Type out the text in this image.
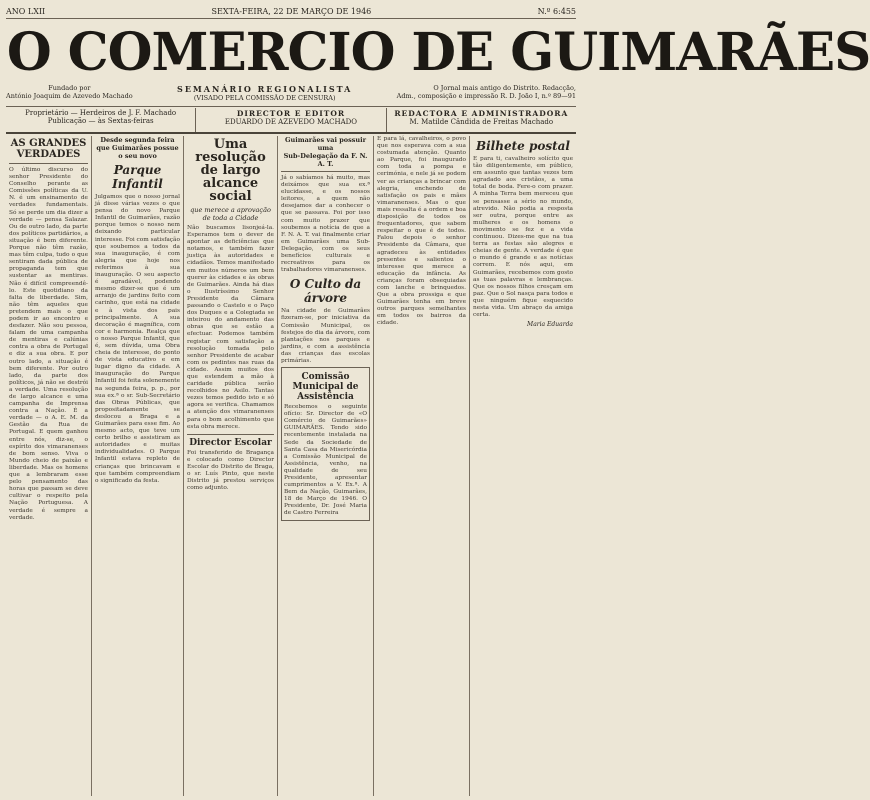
ANO LXII	SEXTA-FEIRA, 22 DE MARÇO DE 1946	N.º 6:455
O COMERCIO DE GUIMARÃES
Fundado por
António Joaquim de Azevedo Machado
SEMANÁRIO REGIONALISTA
(VISADO PELA COMISSÃO DE CENSURA)
O Jornal mais antigo do Distrito. Redacção,
Adm., composição e impressão R. D. João I, n.º 89—91
Proprietário — Herdeiros de J. F. Machado
Publicação — às Sextas-feiras
DIRECTOR E EDITOR
EDUARDO DE AZEVEDO MACHADO
REDACTORA E ADMINISTRADORA
M. Matilde Cândida de Freitas Machado
AS GRANDES VERDADES
O último discurso do senhor Presidente do Conselho perante as Comissões políticas da U. N. é um ensinamento de verdades fundamentais. Só se perde um dia dizer a verdade — pensa Salazar. Ou de outro lado, da parte dos políticos partidários, a situação é bem diferente. Porque não têm razão, mas têm culpa, tudo o que sentiram dada pública de propaganda tem que sustentar as mentiras. Não é difícil compreendê-lo. Este quotidiano da falta de liberdade. Sim, não têm aqueles que pretendem mais o que podem ir ao encontro e desfazer. Não sou pessoa, falam de uma campanha de mentiras e calúnias contra a obra de Portugal e diz a sua obra. E por outro lado, a situação é bem diferente. Por outro lado, da parte dos políticos, já não se destrói a verdade. Uma resolução de largo alcance e uma campanha de Imprensa contra a Nação. É a verdade — o A. E. M. da Gestão da Rua de Portugal. E quem ganhou entre nós, diz-se, o espírito dos vimaranenses de bom senso. Viva o Mundo cheio de paixão e liberdade. Mas os homens que a lembraram esse pelo pensamento das horas que passam se deve cultivar o respeito pela Nação Portuguesa. A verdade é sempre a verdade.
Desde segunda feira
que Guimarães possue
o seu novo
Parque Infantil
Julgamos que o nosso jornal já disse várias vezes o que pensa do novo Parque Infantil de Guimarães, razão porque temos o nosso nem deixando particular interesse. Foi com satisfação que soubemos a todos da sua inauguração, é com alegria que hoje nos referimos à sua inauguração. O seu aspecto é agradável, podendo mesmo dizer-se que é um arranjo de jardins feito com carinho, que está na cidade e à vista dos pais principalmente. A sua decoração é magnífica, com cor e harmonia. Realça que o nosso Parque Infantil, que é, sem dúvida, uma Obra cheia de interesse, do ponto de vista educativo e em lugar digno da cidade. A inauguração do Parque Infantil foi feita solenemente na segunda feira, p. p., por sua ex.ª o sr. Sub-Secretário das Obras Públicas, que propositadamente se deslocou a Braga e a Guimarães para esse fim. Ao mesmo acto, que teve um certo brilho e assistiram as autoridades e muitas individualidades. O Parque Infantil estava repleto de crianças que brincavam e que também compreendiam o significado da festa.
Uma resolução de largo alcance social
que merece a aprovação de toda a Cidade
Não buscamos lisonjeá-la. Esperamos tem o dever de apontar as deficiências que notamos, e também fazer justiça às autoridades e cidadãos. Temos manifestado em muitos números um bem querer às cidades e às obras de Guimarães. Ainda há dias o Ilustríssimo Senhor Presidente da Câmara passando o Castelo e o Paço dos Duques e a Colegiada se inteirou do andamento das obras que se estão a efectuar. Podemos também registar com satisfação a resolução tomada pelo senhor Presidente de acabar com os pedintes nas ruas da cidade. Assim muitos dos que estendem a mão à caridade pública serão recolhidos no Asilo. Tantas vezes temos pedido isto e só agora se verifica. Chamamos a atenção dos vimaranenses para o bom acolhimento que esta obra merece.
Director Escolar
Foi transferido de Bragança e colocado como Director Escolar do Distrito de Braga, o sr. Luís Pinto, que neste Distrito já prestou serviços como adjunto.
Guimarães vai possuir uma
Sub-Delegação da F. N. A. T.
Já o sabíamos há muito, mas deixámos que sua ex.ª elucidasse, e os nossos leitores, a quem não desejamos dar a conhecer o que se passava. Foi por isso com muito prazer que soubemos a notícia de que a F. N. A. T. vai finalmente criar em Guimarães uma Sub-Delegação, com os seus benefícios culturais e recreativos para os trabalhadores vimaranenses.
O Culto da árvore
Na cidade de Guimarães fizeram-se, por iniciativa da Comissão Municipal, os festejos do dia da árvore, com plantações nos parques e jardins, e com a assistência das crianças das escolas primárias.
Comissão Municipal de Assistência
Recebemos o seguinte ofício: Sr. Director de «O Comércio de Guimarães» GUIMARÃES. Tendo sido recentemente instalada na Sede da Sociedade de Santa Casa da Misericórdia a Comissão Municipal de Assistência, venho, na qualidade de seu Presidente, apresentar cumprimentos a V. Ex.ª. A Bem da Nação, Guimarães, 18 de Março de 1946. O Presidente, Dr. José Maria de Castro Ferreira
E para lá, cavalheiros, o povo que nos esperava com a sua costumada atenção. Quanto ao Parque, foi inaugurado com toda a pompa e cerimónia, e nele já se podem ver as crianças a brincar com alegria, enchendo de satisfação os pais e mães vimaranenses. Mas o que mais ressalta é a ordem e boa disposição de todos os frequentadores, que sabem respeitar o que é de todos. Falou depois o senhor Presidente da Câmara, que agradeceu às entidades presentes e salientou o interesse que merece a educação da infância. As crianças foram obsequiadas com lanche e brinquedos. Que a obra prossiga e que Guimarães tenha em breve outros parques semelhantes em todos os bairros da cidade.
Bilhete postal
E para ti, cavalheiro solícito que tão diligentemente, em público, em assunto que tantas vezes tem agradado aos cristãos, a uma total de boda. Fere-o com prazer. A minha Terra bem mereceu que se pensasse a sério no mundo, atrevido. Não podia a resposta ser outra, porque entre as mulheres e os homens o movimento se fez e a vida continuou. Dizes-me que na tua terra as festas são alegres e cheias de gente. A verdade é que o mundo é grande e as notícias correm. E nós aqui, em Guimarães, recebemos com gosto as tuas palavras e lembranças. Que os nossos filhos cresçam em paz. Que o Sol nasça para todos e que ninguém fique esquecido nesta vida. Um abraço da amiga certa.
Maria Eduarda
